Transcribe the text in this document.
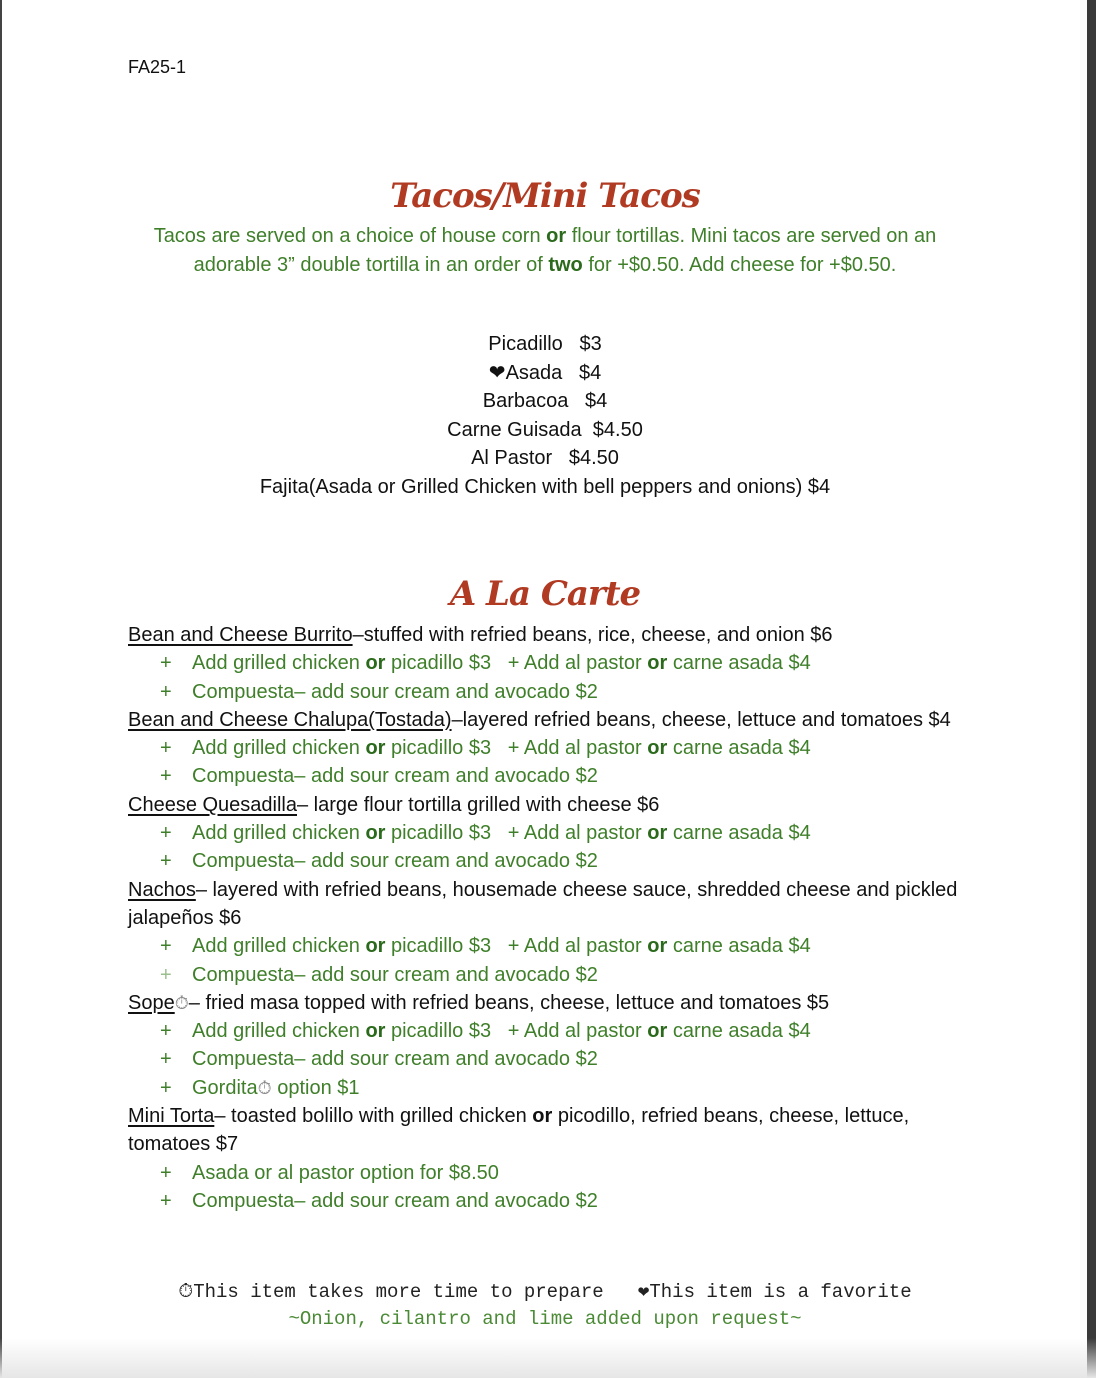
FA25-1
Tacos/Mini Tacos
Tacos are served on a choice of house corn or flour tortillas. Mini tacos are served on an adorable 3” double tortilla in an order of two for +$0.50. Add cheese for +$0.50.
Picadillo   $3
❤Asada   $4
Barbacoa   $4
Carne Guisada  $4.50
Al Pastor   $4.50
Fajita(Asada or Grilled Chicken with bell peppers and onions) $4
A La Carte
Bean and Cheese Burrito–stuffed with refried beans, rice, cheese, and onion $6
+ Add grilled chicken or picadillo $3   + Add al pastor or carne asada $4
+ Compuesta– add sour cream and avocado $2
Bean and Cheese Chalupa(Tostada)–layered refried beans, cheese, lettuce and tomatoes $4
+ Add grilled chicken or picadillo $3   + Add al pastor or carne asada $4
+ Compuesta– add sour cream and avocado $2
Cheese Quesadilla– large flour tortilla grilled with cheese $6
+ Add grilled chicken or picadillo $3   + Add al pastor or carne asada $4
+ Compuesta– add sour cream and avocado $2
Nachos– layered with refried beans, housemade cheese sauce, shredded cheese and pickled jalapeños $6
+ Add grilled chicken or picadillo $3   + Add al pastor or carne asada $4
+ Compuesta– add sour cream and avocado $2
Sope⏱– fried masa topped with refried beans, cheese, lettuce and tomatoes $5
+ Add grilled chicken or picadillo $3   + Add al pastor or carne asada $4
+ Compuesta– add sour cream and avocado $2
+ Gordita⏱ option $1
Mini Torta– toasted bolillo with grilled chicken or picodillo, refried beans, cheese, lettuce, tomatoes $7
+ Asada or al pastor option for $8.50
+ Compuesta– add sour cream and avocado $2
⏱This item takes more time to prepare ❤This item is a favorite
~Onion, cilantro and lime added upon request~
